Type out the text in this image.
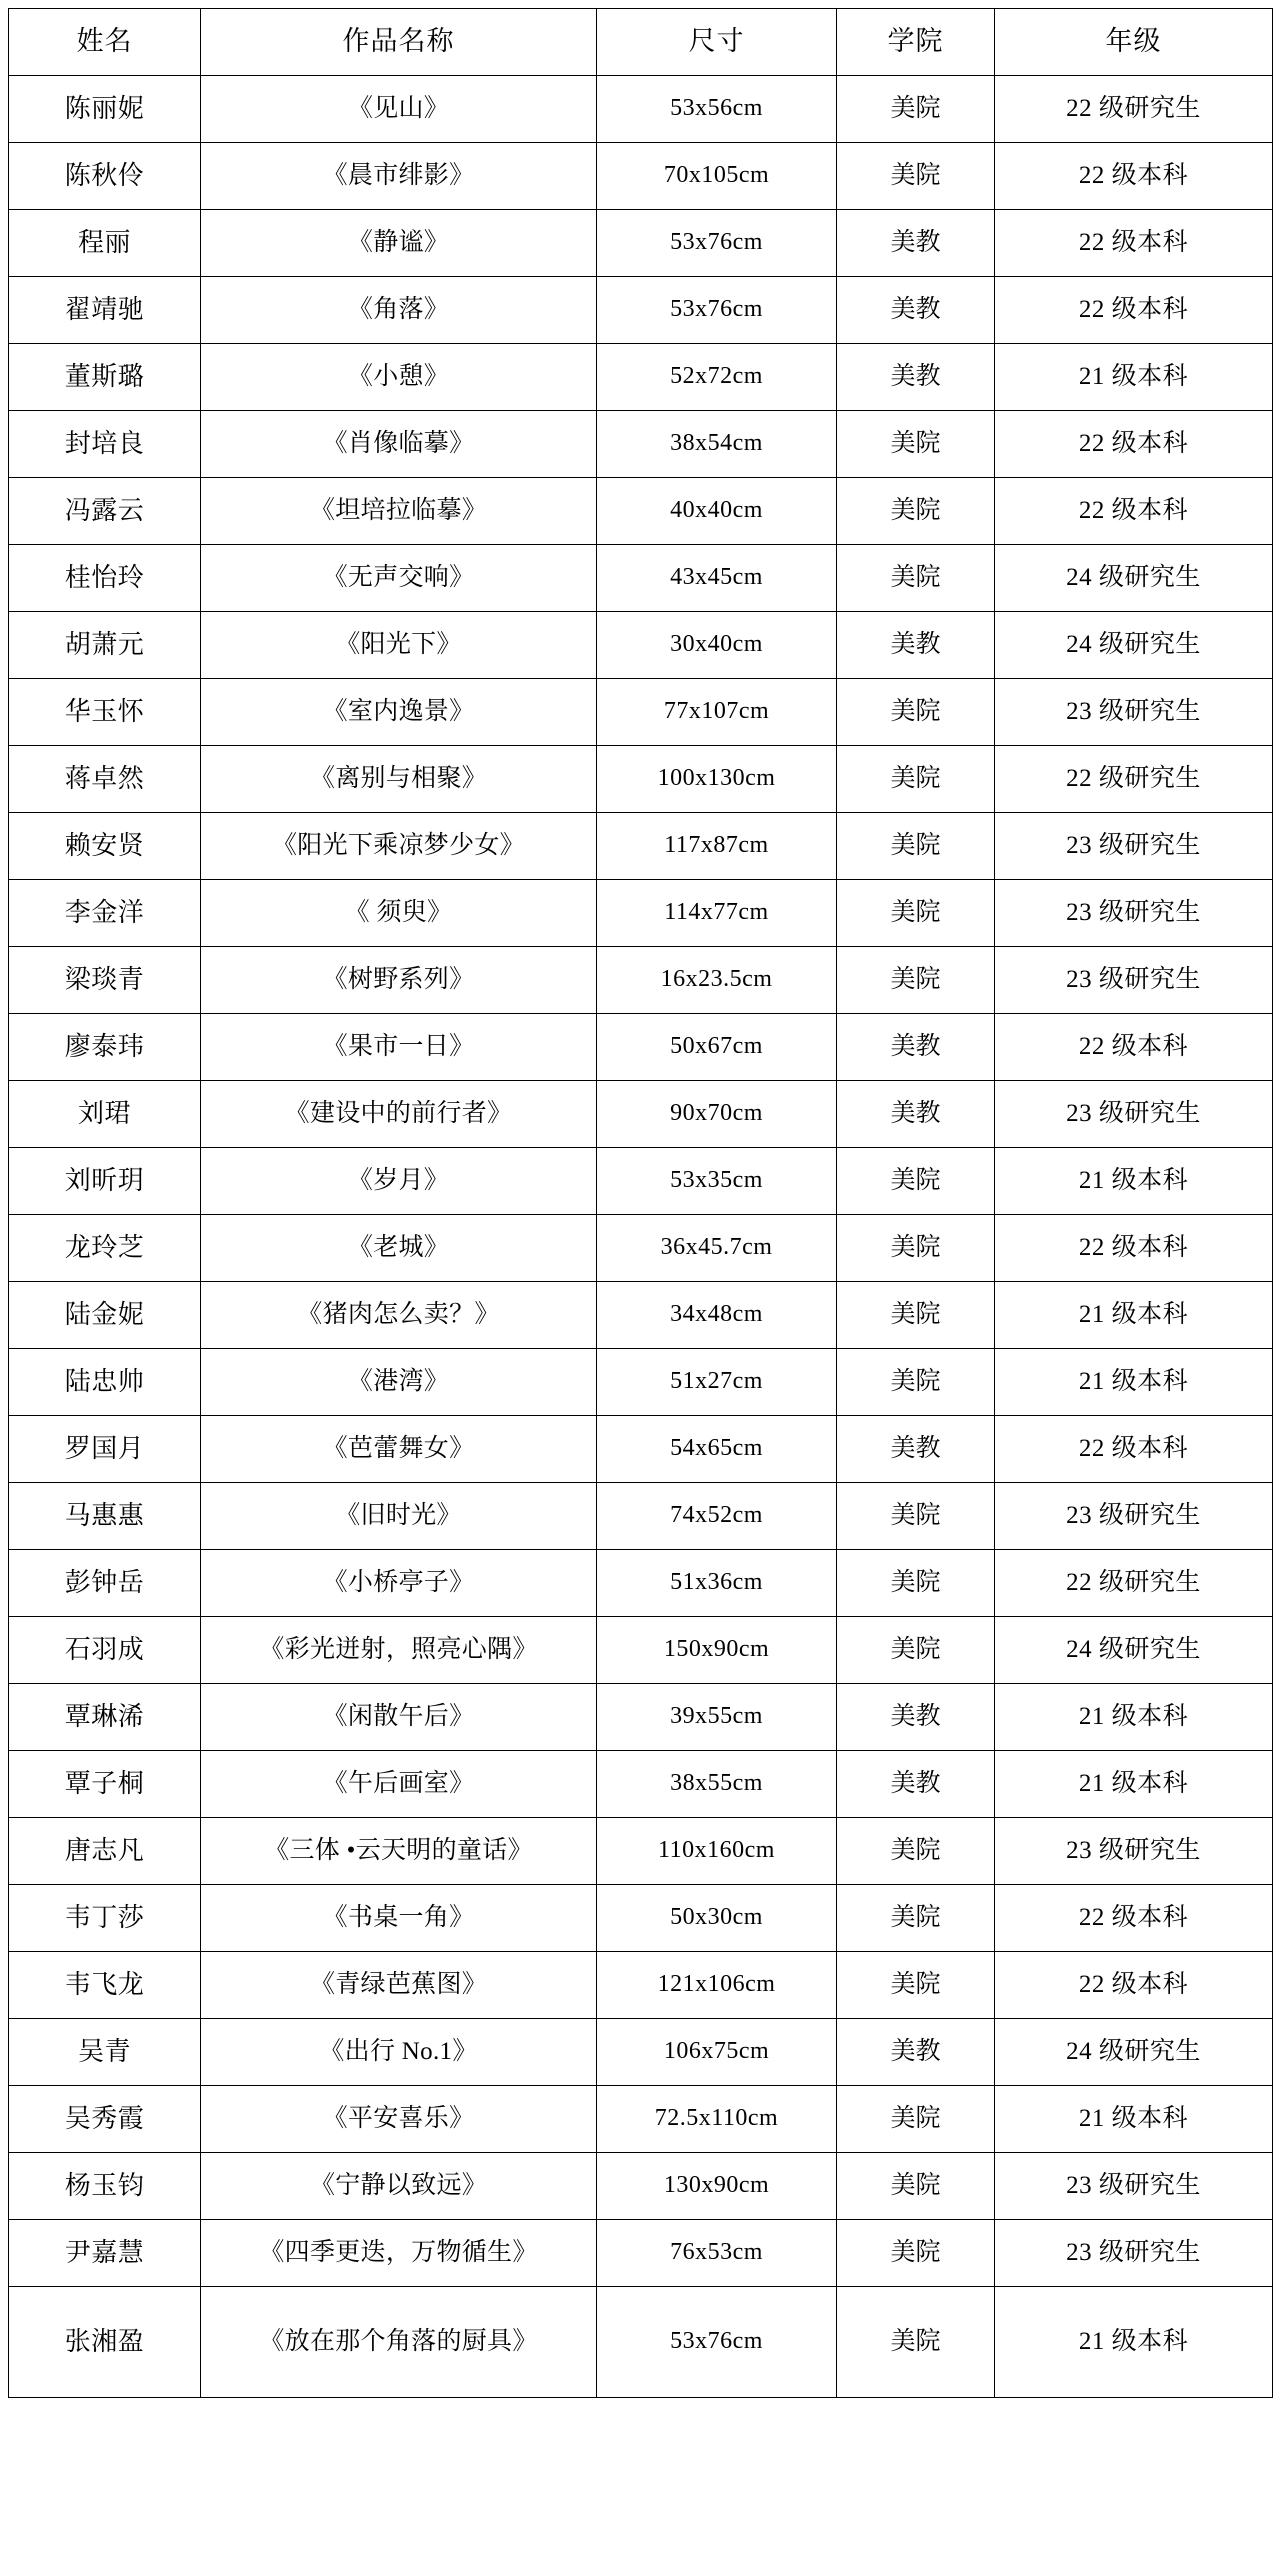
姓名	作品名称	尺寸	学院	年级
陈丽妮	《见山》	53x56cm	美院	22 级研究生
陈秋伶	《晨市绯影》	70x105cm	美院	22 级本科
程丽	《静谧》	53x76cm	美教	22 级本科
翟靖驰	《角落》	53x76cm	美教	22 级本科
董斯璐	《小憩》	52x72cm	美教	21 级本科
封培良	《肖像临摹》	38x54cm	美院	22 级本科
冯露云	《坦培拉临摹》	40x40cm	美院	22 级本科
桂怡玲	《无声交响》	43x45cm	美院	24 级研究生
胡萧元	《阳光下》	30x40cm	美教	24 级研究生
华玉怀	《室内逸景》	77x107cm	美院	23 级研究生
蒋卓然	《离别与相聚》	100x130cm	美院	22 级研究生
赖安贤	《阳光下乘凉梦少女》	117x87cm	美院	23 级研究生
李金洋	《 须臾》	114x77cm	美院	23 级研究生
梁琰青	《树野系列》	16x23.5cm	美院	23 级研究生
廖泰玮	《果市一日》	50x67cm	美教	22 级本科
刘珺	《建设中的前行者》	90x70cm	美教	23 级研究生
刘昕玥	《岁月》	53x35cm	美院	21 级本科
龙玲芝	《老城》	36x45.7cm	美院	22 级本科
陆金妮	《猪肉怎么卖？》	34x48cm	美院	21 级本科
陆忠帅	《港湾》	51x27cm	美院	21 级本科
罗国月	《芭蕾舞女》	54x65cm	美教	22 级本科
马惠惠	《旧时光》	74x52cm	美院	23 级研究生
彭钟岳	《小桥亭子》	51x36cm	美院	22 级研究生
石羽成	《彩光迸射，照亮心隅》	150x90cm	美院	24 级研究生
覃琳浠	《闲散午后》	39x55cm	美教	21 级本科
覃子桐	《午后画室》	38x55cm	美教	21 级本科
唐志凡	《三体 •云天明的童话》	110x160cm	美院	23 级研究生
韦丁莎	《书桌一角》	50x30cm	美院	22 级本科
韦飞龙	《青绿芭蕉图》	121x106cm	美院	22 级本科
吴青	《出行 No.1》	106x75cm	美教	24 级研究生
吴秀霞	《平安喜乐》	72.5x110cm	美院	21 级本科
杨玉钧	《宁静以致远》	130x90cm	美院	23 级研究生
尹嘉慧	《四季更迭，万物循生》	76x53cm	美院	23 级研究生
张湘盈	《放在那个角落的厨具》	53x76cm	美院	21 级本科
